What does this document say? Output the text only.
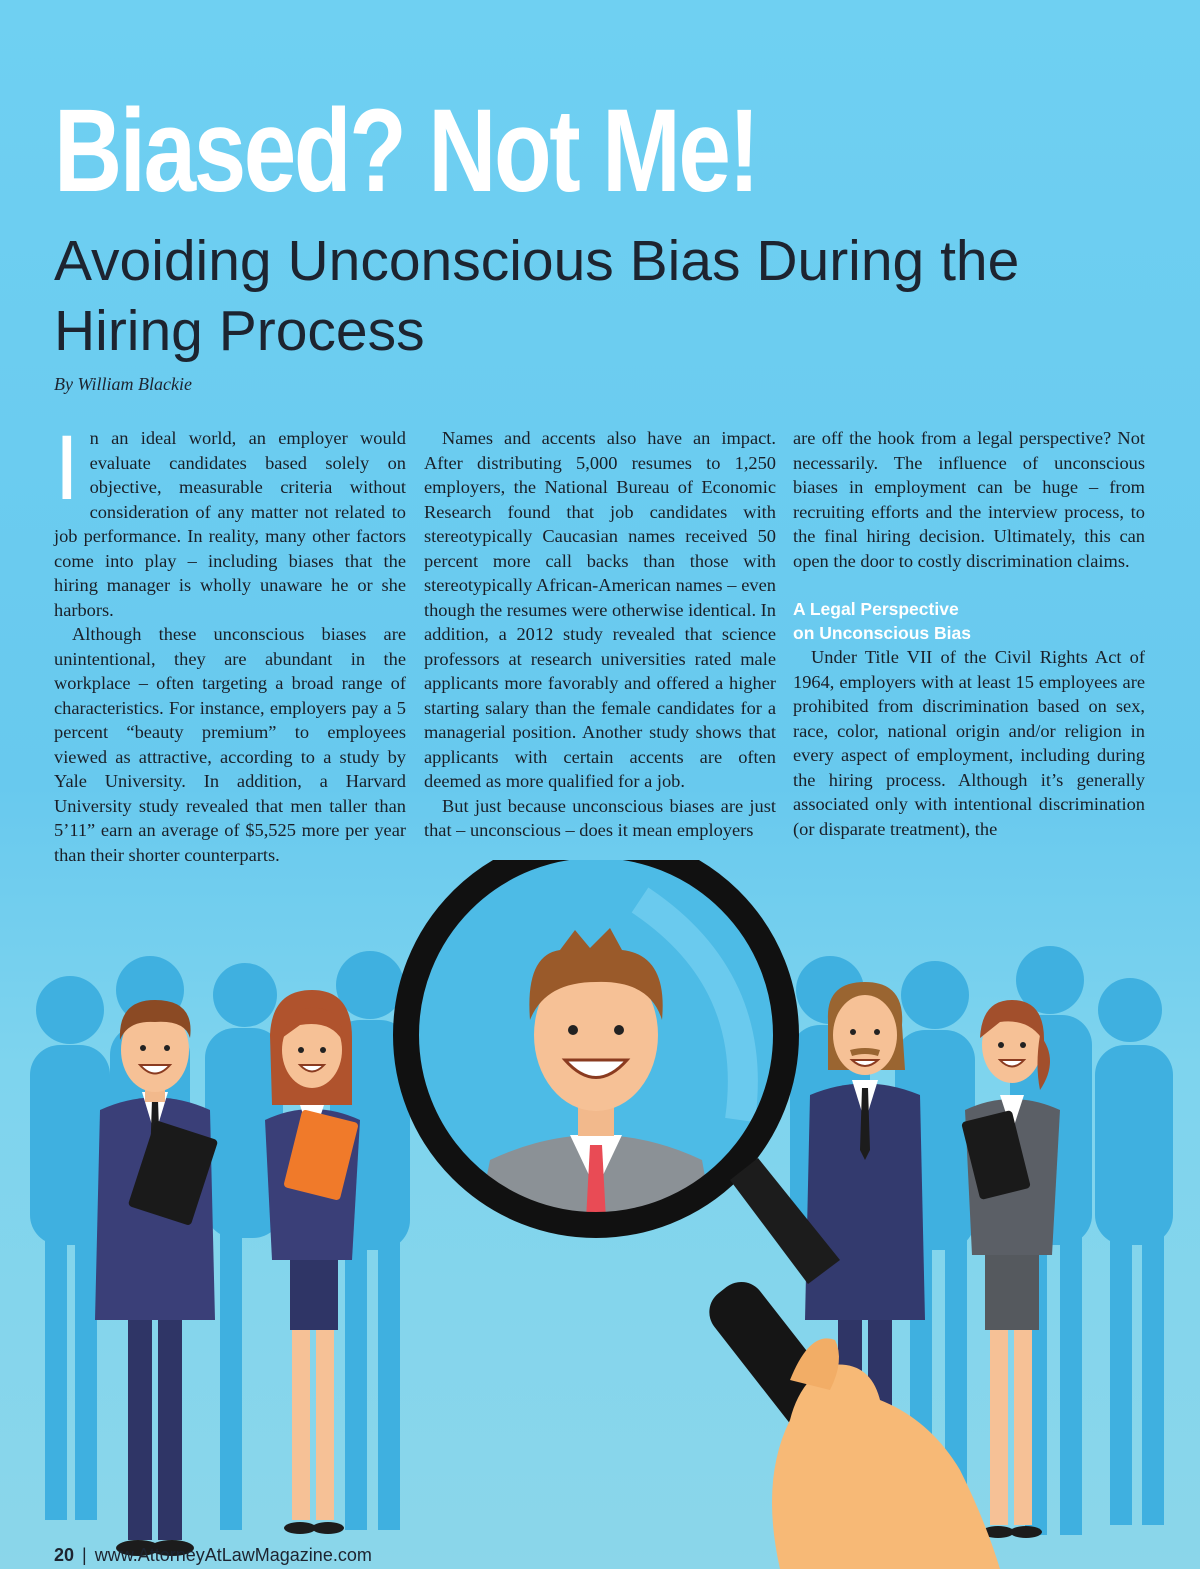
Biased? Not Me!
Avoiding Unconscious Bias During the Hiring Process
By William Blackie

In an ideal world, an employer would evaluate candidates based solely on objective, measurable criteria without consideration of any matter not related to job performance. In reality, many other factors come into play – including biases that the hiring manager is wholly unaware he or she harbors.

Although these unconscious biases are unintentional, they are abundant in the workplace – often targeting a broad range of characteristics. For instance, employers pay a 5 percent “beauty premium” to employees viewed as attractive, according to a study by Yale University. In addition, a Harvard University study revealed that men taller than 5’11” earn an average of $5,525 more per year than their shorter counterparts.

Names and accents also have an impact. After distributing 5,000 resumes to 1,250 employers, the National Bureau of Economic Research found that job candidates with stereotypically Caucasian names received 50 percent more call backs than those with stereotypically African-American names – even though the resumes were otherwise identical. In addition, a 2012 study revealed that science professors at research universities rated male applicants more favorably and offered a higher starting salary than the female candidates for a managerial position. Another study shows that applicants with certain accents are often deemed as more qualified for a job.

But just because unconscious biases are just that – unconscious – does it mean employers

are off the hook from a legal perspective? Not necessarily. The influence of unconscious biases in employment can be huge – from recruiting efforts and the interview process, to the final hiring decision. Ultimately, this can open the door to costly discrimination claims.

A Legal Perspective
on Unconscious Bias

Under Title VII of the Civil Rights Act of 1964, employers with at least 15 employees are prohibited from discrimination based on sex, race, color, national origin and/or religion in every aspect of employment, including during the hiring process. Although it’s generally associated only with intentional discrimination (or disparate treatment), the

20 | www.AttorneyAtLawMagazine.com
